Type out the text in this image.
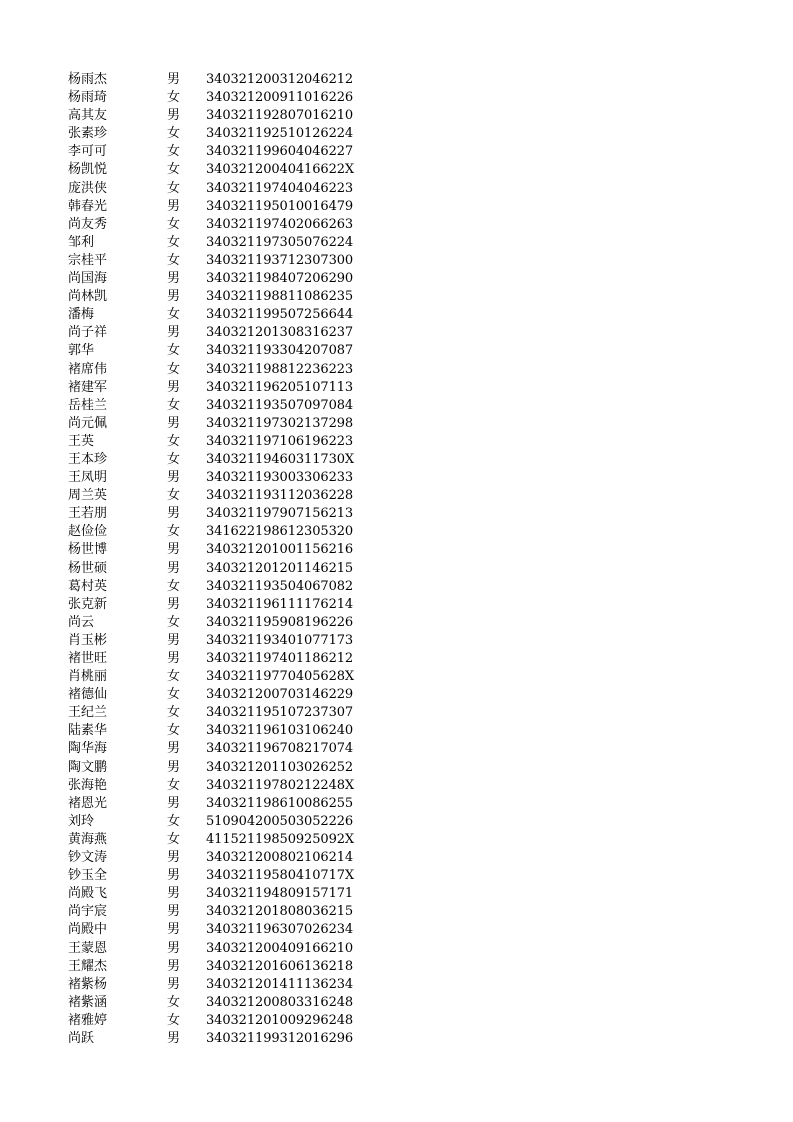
杨雨杰	男 340321200312046212
杨雨琦	女 340321200911016226
高其友	男 340321192807016210
张素珍	女 340321192510126224
李可可	女 340321199604046227
杨凯悦	女 34032120040416622X
庞洪侠	女 340321197404046223
韩春光	男 340321195010016479
尚友秀	女 340321197402066263
邹利	女 340321197305076224
宗桂平	女 340321193712307300
尚国海	男 340321198407206290
尚林凯	男 340321198811086235
潘梅	女 340321199507256644
尚子祥	男 340321201308316237
郭华	女 340321193304207087
褚席伟	女 340321198812236223
褚建军	男 340321196205107113
岳桂兰	女 340321193507097084
尚元佩	男 340321197302137298
王英	女 340321197106196223
王本珍	女 34032119460311730X
王凤明	男 340321193003306233
周兰英	女 340321193112036228
王若朋	男 340321197907156213
赵俭俭	女 341622198612305320
杨世博	男 340321201001156216
杨世硕	男 340321201201146215
葛村英	女 340321193504067082
张克新	男 340321196111176214
尚云	女 340321195908196226
肖玉彬	男 340321193401077173
褚世旺	男 340321197401186212
肖桃丽	女 34032119770405628X
褚德仙	女 340321200703146229
王纪兰	女 340321195107237307
陆素华	女 340321196103106240
陶华海	男 340321196708217074
陶文鹏	男 340321201103026252
张海艳	女 34032119780212248X
褚恩光	男 340321198610086255
刘玲	女 510904200503052226
黄海燕	女 41152119850925092X
钞文涛	男 340321200802106214
钞玉全	男 34032119580410717X
尚殿飞	男 340321194809157171
尚宇宸	男 340321201808036215
尚殿中	男 340321196307026234
王蒙恩	男 340321200409166210
王耀杰	男 340321201606136218
褚紫杨	男 340321201411136234
褚紫涵	女 340321200803316248
褚雅婷	女 340321201009296248
尚跃	男 340321199312016296
